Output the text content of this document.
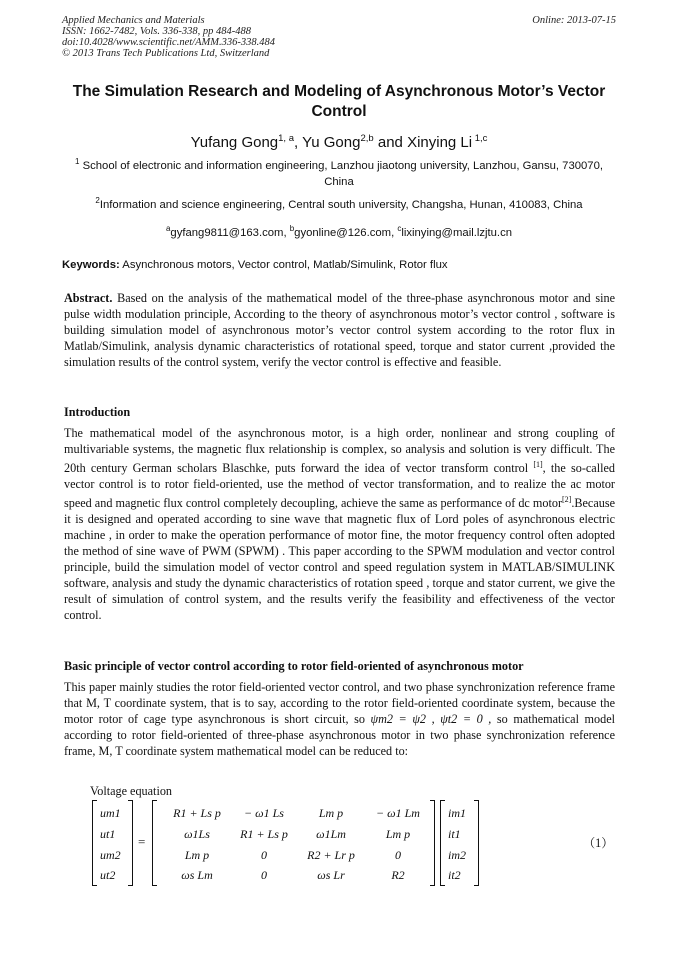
Applied Mechanics and Materials
ISSN: 1662-7482, Vols. 336-338, pp 484-488
doi:10.4028/www.scientific.net/AMM.336-338.484
© 2013 Trans Tech Publications Ltd, Switzerland
Online: 2013-07-15
The Simulation Research and Modeling of Asynchronous Motor’s Vector Control
Yufang Gong$^{1, a}$, Yu Gong$^{2,b}$ and Xinying Li $^{1,c}$
$^1$ School of electronic and information engineering, Lanzhou jiaotong university, Lanzhou, Gansu, 730070, China
$^2$Information and science engineering, Central south university, Changsha, Hunan, 410083, China
$^a$gyfang9811@163.com, $^b$gyonline@126.com, $^c$lixinying@mail.lzjtu.cn
Keywords: Asynchronous motors, Vector control, Matlab/Simulink, Rotor flux
Abstract. Based on the analysis of the mathematical model of the three-phase asynchronous motor and sine pulse width modulation principle, According to the theory of asynchronous motor’s vector control , software is building simulation model of asynchronous motor’s vector control system according to the rotor flux in Matlab/Simulink, analysis dynamic characteristics of rotational speed, torque and stator current ,provided the simulation results of the control system, verify the vector control is effective and feasible.
Introduction
The mathematical model of the asynchronous motor, is a high order, nonlinear and strong coupling of multivariable systems, the magnetic flux relationship is complex, so analysis and solution is very difficult. The 20th century German scholars Blaschke, puts forward the idea of vector transform control [1], the so-called vector control is to rotor field-oriented, use the method of vector transformation, and to realize the ac motor speed and magnetic flux control completely decoupling, achieve the same as performance of dc motor[2].Because it is designed and operated according to sine wave that magnetic flux of Lord poles of asynchronous electric machine , in order to make the operation performance of motor fine, the motor frequency control often adopted the method of sine wave of PWM (SPWM) . This paper according to the SPWM modulation and vector control principle, build the simulation model of vector control and speed regulation system in MATLAB/SIMULINK software, analysis and study the dynamic characteristics of rotation speed , torque and stator current, we give the result of simulation of control system, and the results verify the feasibility and effectiveness of the vector control.
Basic principle of vector control according to rotor field-oriented of asynchronous motor
This paper mainly studies the rotor field-oriented vector control, and two phase synchronization reference frame that M, T coordinate system, that is to say, according to the rotor field-oriented coordinate system, because the motor rotor of cage type asynchronous is short circuit, so ψm2 = ψ2 , ψt2 = 0 , so mathematical model according to rotor field-oriented of three-phase asynchronous motor in two phase synchronization reference frame, M, T coordinate system mathematical model can be reduced to:
Voltage equation
um1
ut1
um2
ut2
=
R1 + Ls p	− ω1 Ls	Lm p	− ω1 Lm
ω1Ls	R1 + Ls p	ω1Lm	Lm p
Lm p	0	R2 + Lr p	0
ωs Lm	0	ωs Lr	R2
im1
it1
im2
it2
（1）
